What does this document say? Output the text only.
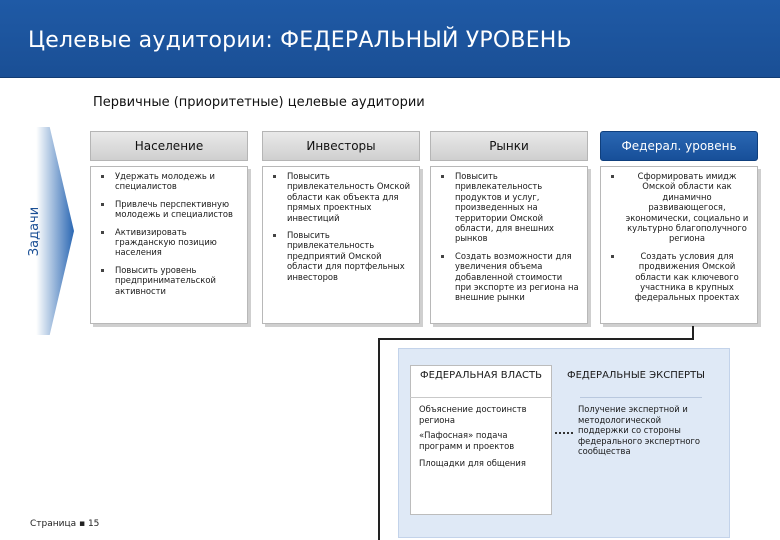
Целевые аудитории: ФЕДЕРАЛЬНЫЙ УРОВЕНЬ
Первичные (приоритетные) целевые аудитории
Задачи
Удержать молодежь и специалистов
Привлечь перспективную молодежь и специалистов
Активизировать гражданскую позицию населения
Повысить уровень предпринимательской активности
Население
Повысить привлекательность Омской области как объекта для прямых проектных инвестиций
Повысить привлекательность предприятий Омской области для портфельных инвесторов
Инвесторы
Повысить привлекательность продуктов и услуг, произведенных на территории Омской области, для внешних рынков
Создать возможности для увеличения объема добавленной стоимости при экспорте из региона на внешние рынки
Рынки
Сформировать имидж Омской области как динамично развивающегося, экономически, социально и культурно благополучного региона
Создать условия для продвижения Омской области как ключевого участника в крупных федеральных проектах
Федерал. уровень
ФЕДЕРАЛЬНАЯ ВЛАСТЬ
Объяснение достоинств региона
«Пафосная» подача программ и проектов
Площадки для общения
ФЕДЕРАЛЬНЫЕ ЭКСПЕРТЫ
Получение экспертной и методологической поддержки со стороны федерального экспертного сообщества
Страница ▪ 15
